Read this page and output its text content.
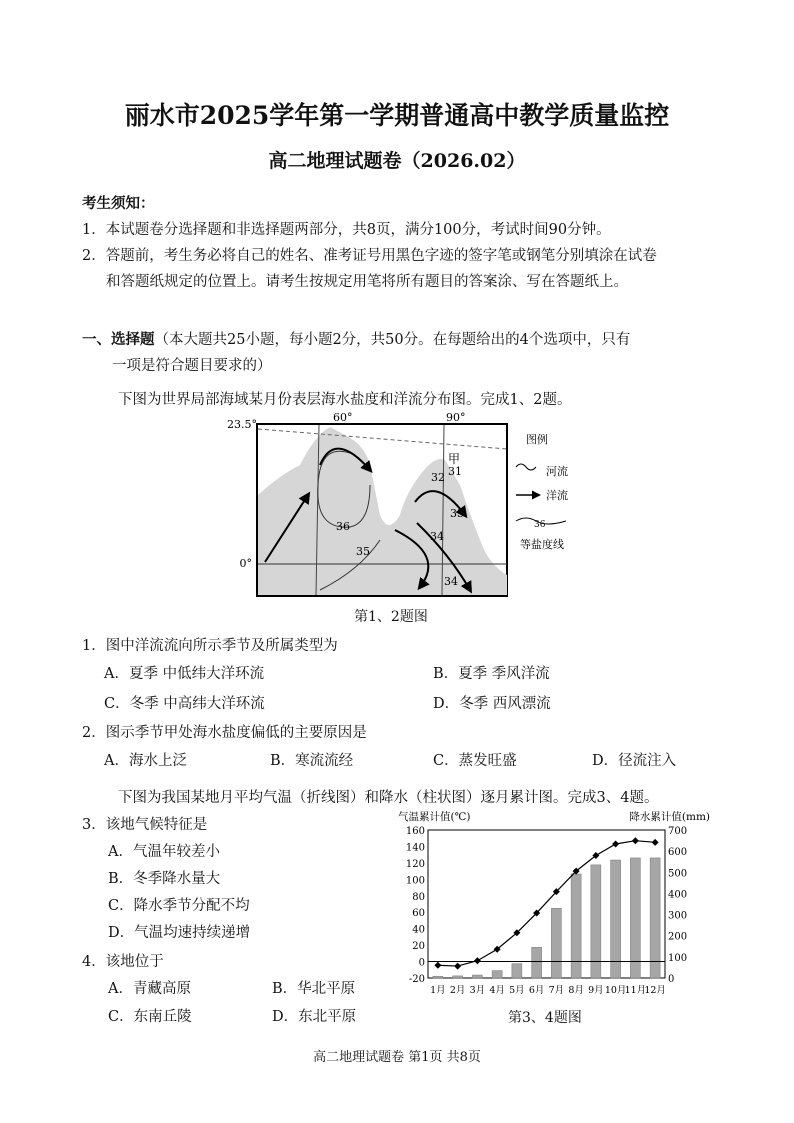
丽水市2025学年第一学期普通高中教学质量监控
高二地理试题卷（2026.02）
考生须知：
1．本试题卷分选择题和非选择题两部分，共8页，满分100分，考试时间90分钟。
2．答题前，考生务必将自己的姓名、准考证号用黑色字迹的签字笔或钢笔分别填涂在试卷
和答题纸规定的位置上。请考生按规定用笔将所有题目的答案涂、写在答题纸上。
一、选择题（本大题共25小题，每小题2分，共50分。在每题给出的4个选项中，只有
一项是符合题目要求的）
下图为世界局部海域某月份表层海水盐度和洋流分布图。完成1、2题。
23.5°
0°
60°	90°
36
35
34
34
33
32 31
甲
图例
河流
洋流
36
等盐度线
第1、2题图
1．图中洋流流向所示季节及所属类型为
A．夏季 中低纬大洋环流	B．夏季 季风洋流
C．冬季 中高纬大洋环流	D．冬季 西风漂流
2．图示季节甲处海水盐度偏低的主要原因是
A．海水上泛	B．寒流流经	C．蒸发旺盛	D．径流注入
下图为我国某地月平均气温（折线图）和降水（柱状图）逐月累计图。完成3、4题。
3．该地气候特征是
A．气温年较差小
B．冬季降水量大
C．降水季节分配不均
D．气温均速持续递增
4．该地位于
A．青藏高原	B．华北平原
C．东南丘陵	D．东北平原
气温累计值(℃)	降水累计值(mm)
160
140
120
100
80
60
40
20
0
-20
700
600
500
400
300
200
100
0
1月 2月 3月 4月 5月 6月 7月 8月 9月 10月
11月
12月
第3、4题图
高二地理试题卷 第1页 共8页
